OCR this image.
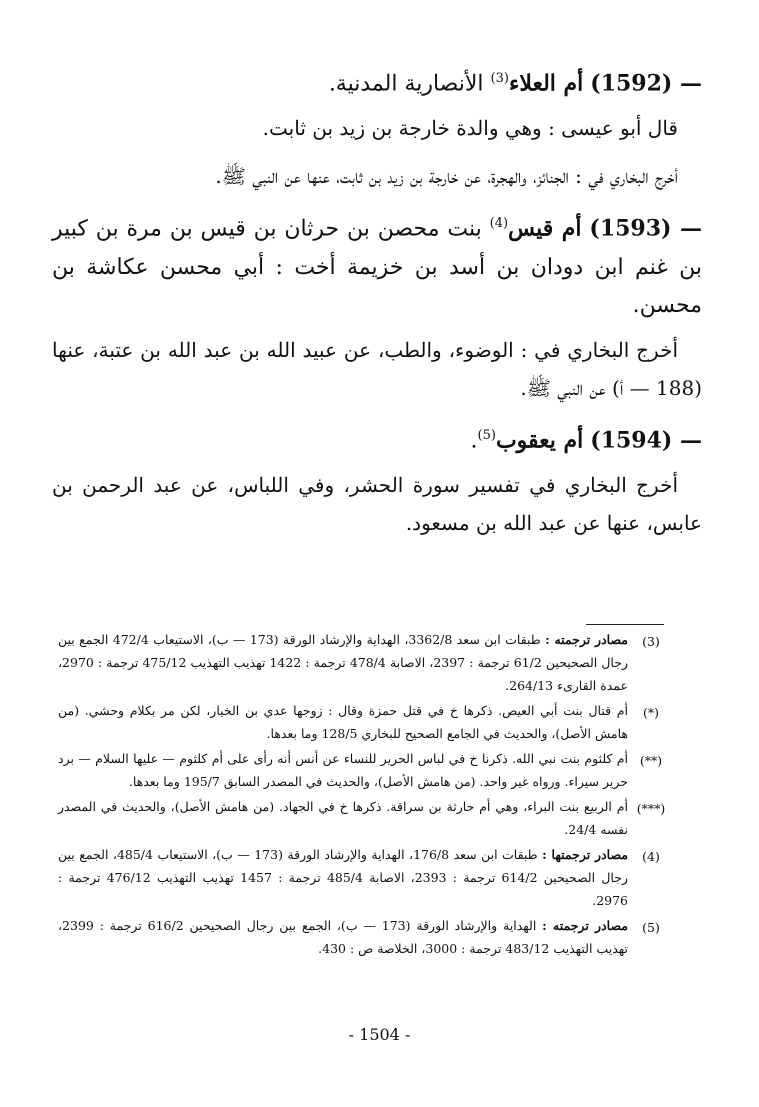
(1592) — أم العلاء$^{(3)}$ الأنصارية المدنية.

قال أبو عيسى : وهي والدة خارجة بن زيد بن ثابت.

أخرج البخاري في : الجنائز، والهجرة، عن خارجة بن زيد بن ثابت، عنها عن النبي ﷺ.

(1593) — أم قيس$^{(4)}$ بنت محصن بن حرثان بن قيس بن مرة بن كبير بن غنم ابن دودان بن أسد بن خزيمة أخت : أبي محسن عكاشة بن محسن.

أخرج البخاري في : الوضوء، والطب، عن عبيد الله بن عبد الله بن عتبة، عنها (188 — أ) عن النبي ﷺ.

(1594) — أم يعقوب$^{(5)}$.

أخرج البخاري في تفسير سورة الحشر، وفي اللباس، عن عبد الرحمن بن عابس، عنها عن عبد الله بن مسعود.

(3)
مصادر ترجمته : طبقات ابن سعد 3362/8، الهداية والإرشاد الورقة (173 — ب)، الاستيعاب 472/4 الجمع بين رجال الصحيحين 61/2 ترجمة : 2397، الاصابة 478/4 ترجمة : 1422 تهذيب التهذيب 475/12 ترجمة : 2970، عمدة القارىء 264/13.
(*)
أم قتال بنت أبي العيص. ذكرها خ في قتل حمزة وقال : زوجها عدي بن الخيار، لكن مر بكلام وحشي. (من هامش الأصل)، والحديث في الجامع الصحيح للبخاري 128/5 وما بعدها.
(**)
أم كلثوم بنت نبي الله. ذكرنا خ في لباس الحرير للنساء عن أنس أنه رأى على أم كلثوم — عليها السلام — برد حرير سيراء. ورواه غير واحد. (من هامش الأصل)، والحديث في المصدر السابق 195/7 وما بعدها.
(***)
أم الربيع بنت البراء، وهي أم حارثة بن سراقة. ذكرها خ في الجهاد. (من هامش الأصل)، والحديث في المصدر نفسه 24/4.
(4)
مصادر ترجمتها : طبقات ابن سعد 176/8، الهداية والإرشاد الورقة (173 — ب)، الاستيعاب 485/4، الجمع بين رجال الصحيحين 614/2 ترجمة : 2393، الاصابة 485/4 ترجمة : 1457 تهذيب التهذيب 476/12 ترجمة : 2976.
(5)
مصادر ترجمته : الهداية والإرشاد الورقة (173 — ب)، الجمع بين رجال الصحيحين 616/2 ترجمة : 2399، تهذيب التهذيب 483/12 ترجمة : 3000، الخلاصة ص : 430.
- 1504 -
